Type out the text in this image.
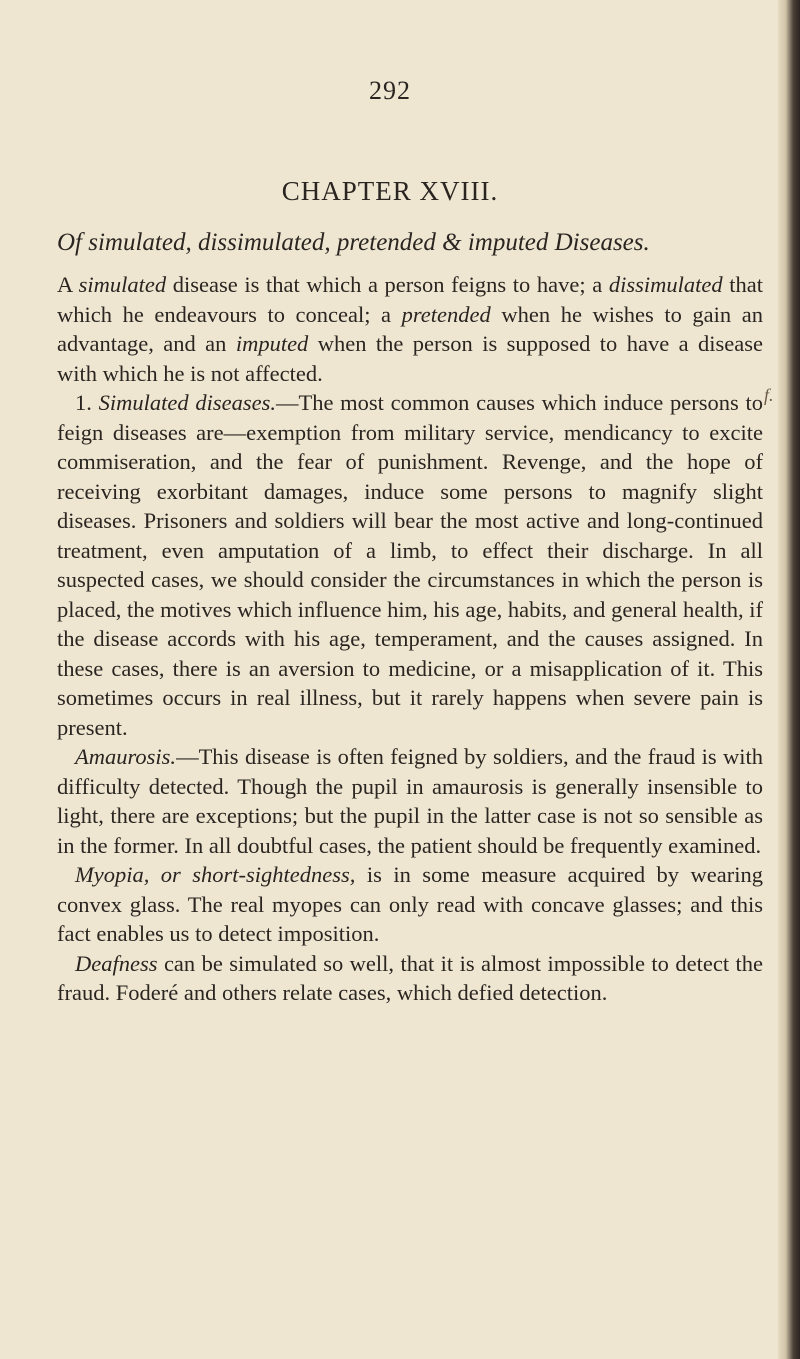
292
CHAPTER XVIII.
Of simulated, dissimulated, pretended & imputed Diseases.
f.

A simulated disease is that which a person feigns to have; a dissimulated that which he endeavours to conceal; a pretended when he wishes to gain an advantage, and an imputed when the person is supposed to have a disease with which he is not affected.

1. Simulated diseases.—The most common causes which induce persons to feign diseases are—exemption from military service, mendicancy to excite commiseration, and the fear of punishment. Revenge, and the hope of receiving exorbitant damages, induce some persons to magnify slight diseases. Prisoners and soldiers will bear the most active and long-continued treatment, even amputation of a limb, to effect their discharge. In all suspected cases, we should consider the circumstances in which the person is placed, the motives which influence him, his age, habits, and general health, if the disease accords with his age, temperament, and the causes assigned. In these cases, there is an aversion to medicine, or a misapplication of it. This sometimes occurs in real illness, but it rarely happens when severe pain is present.

Amaurosis.—This disease is often feigned by soldiers, and the fraud is with difficulty detected. Though the pupil in amaurosis is generally insensible to light, there are exceptions; but the pupil in the latter case is not so sensible as in the former. In all doubtful cases, the patient should be frequently examined.

Myopia, or short-sightedness, is in some measure acquired by wearing convex glass. The real myopes can only read with concave glasses; and this fact enables us to detect imposition.

Deafness can be simulated so well, that it is almost impossible to detect the fraud. Foderé and others relate cases, which defied detection.
